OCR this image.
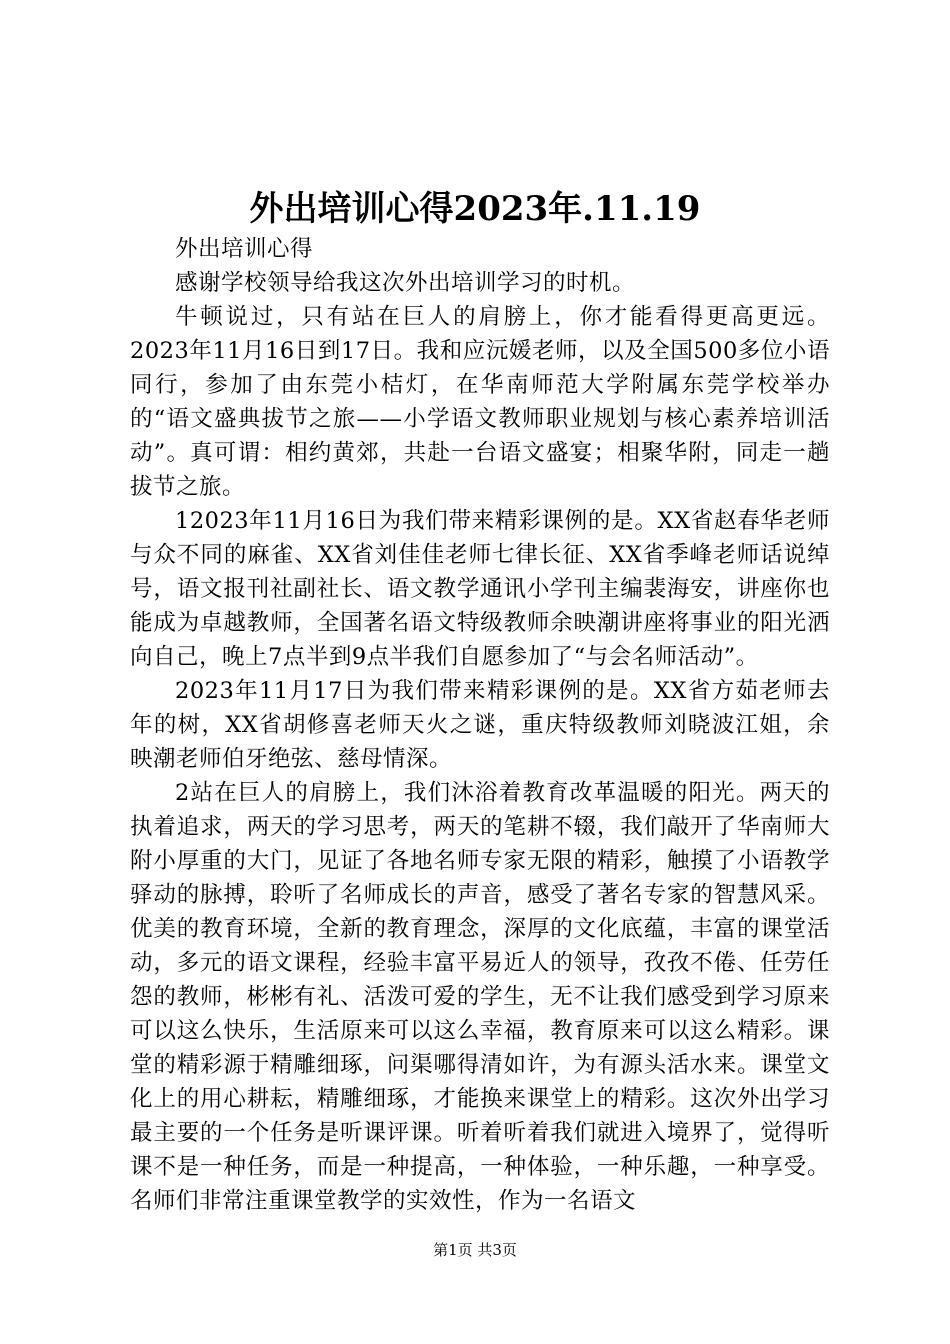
外出培训心得2023年.11.19

外出培训心得

感谢学校领导给我这次外出培训学习的时机。

牛顿说过，只有站在巨人的肩膀上，你才能看得更高更远。2023年11月16日到17日。我和应沅媛老师，以及全国500多位小语同行，参加了由东莞小桔灯，在华南师范大学附属东莞学校举办的“语文盛典拔节之旅——小学语文教师职业规划与核心素养培训活动”。真可谓：相约黄郊，共赴一台语文盛宴；相聚华附，同走一趟拔节之旅。

12023年11月16日为我们带来精彩课例的是。XX省赵春华老师与众不同的麻雀、XX省刘佳佳老师七律长征、XX省季峰老师话说绰号，语文报刊社副社长、语文教学通讯小学刊主编裴海安，讲座你也能成为卓越教师，全国著名语文特级教师余映潮讲座将事业的阳光洒向自己，晚上7点半到9点半我们自愿参加了“与会名师活动”。

2023年11月17日为我们带来精彩课例的是。XX省方茹老师去年的树，XX省胡修喜老师天火之谜，重庆特级教师刘晓波江姐，余映潮老师伯牙绝弦、慈母情深。

2站在巨人的肩膀上，我们沐浴着教育改革温暖的阳光。两天的执着追求，两天的学习思考，两天的笔耕不辍，我们敲开了华南师大附小厚重的大门，见证了各地名师专家无限的精彩，触摸了小语教学驿动的脉搏，聆听了名师成长的声音，感受了著名专家的智慧风采。优美的教育环境，全新的教育理念，深厚的文化底蕴，丰富的课堂活动，多元的语文课程，经验丰富平易近人的领导，孜孜不倦、任劳任怨的教师，彬彬有礼、活泼可爱的学生，无不让我们感受到学习原来可以这么快乐，生活原来可以这么幸福，教育原来可以这么精彩。课堂的精彩源于精雕细琢，问渠哪得清如许，为有源头活水来。课堂文化上的用心耕耘，精雕细琢，才能换来课堂上的精彩。这次外出学习最主要的一个任务是听课评课。听着听着我们就进入境界了，觉得听课不是一种任务，而是一种提高，一种体验，一种乐趣，一种享受。名师们非常注重课堂教学的实效性，作为一名语文

第1页 共3页
